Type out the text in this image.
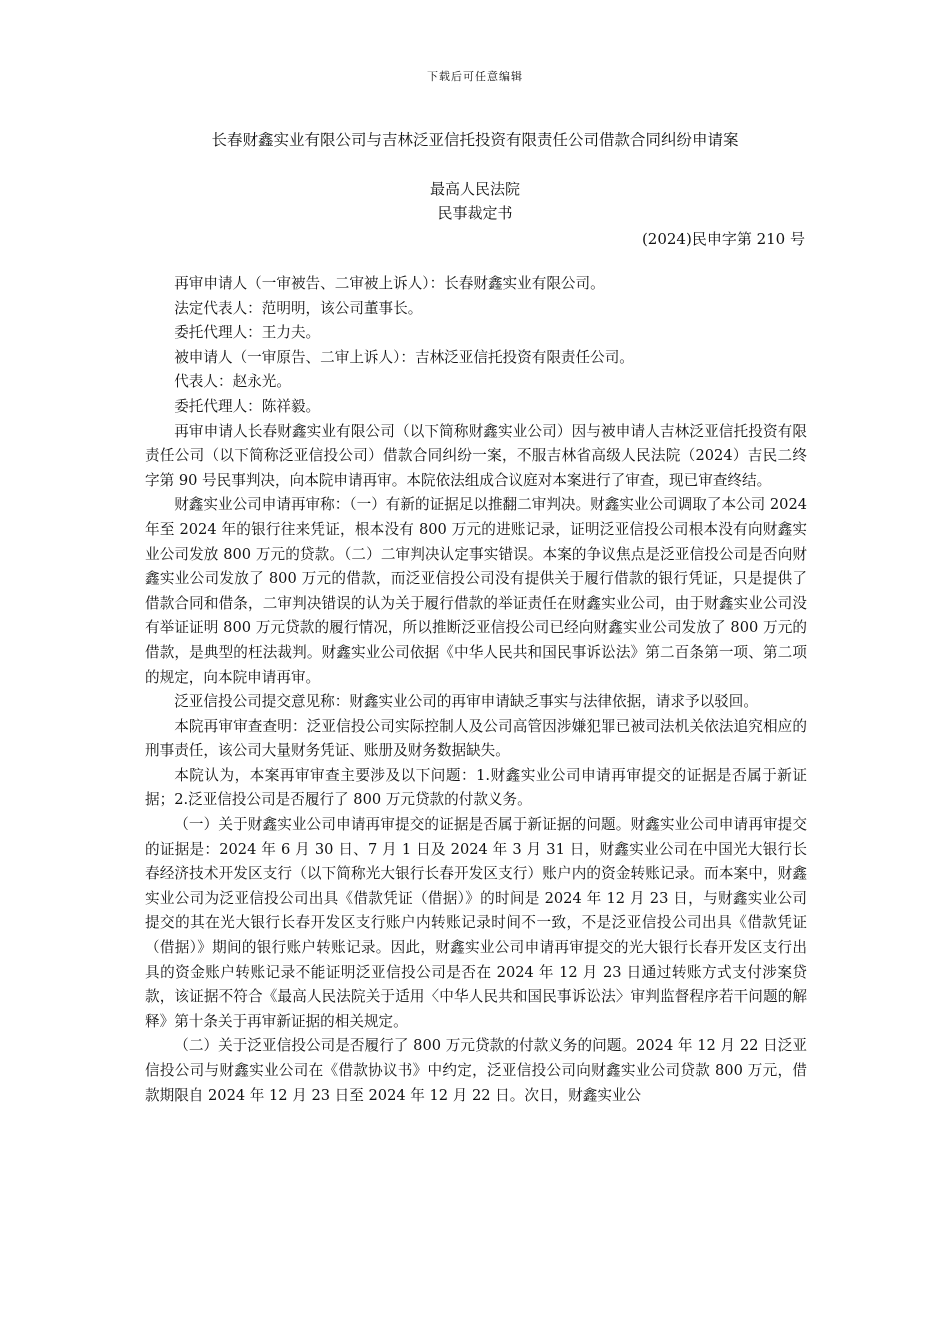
下载后可任意编辑
长春财鑫实业有限公司与吉林泛亚信托投资有限责任公司借款合同纠纷申请案
最高人民法院
民事裁定书
(2024)民申字第 210 号

再审申请人（一审被告、二审被上诉人）：长春财鑫实业有限公司。

法定代表人：范明明，该公司董事长。

委托代理人：王力夫。

被申请人（一审原告、二审上诉人）：吉林泛亚信托投资有限责任公司。

代表人：赵永光。

委托代理人：陈祥毅。

再审申请人长春财鑫实业有限公司（以下简称财鑫实业公司）因与被申请人吉林泛亚信托投资有限责任公司（以下简称泛亚信投公司）借款合同纠纷一案，不服吉林省高级人民法院（2024）吉民二终字第 90 号民事判决，向本院申请再审。本院依法组成合议庭对本案进行了审查，现已审查终结。

财鑫实业公司申请再审称：（一）有新的证据足以推翻二审判决。财鑫实业公司调取了本公司 2024 年至 2024 年的银行往来凭证，根本没有 800 万元的进账记录，证明泛亚信投公司根本没有向财鑫实业公司发放 800 万元的贷款。（二）二审判决认定事实错误。本案的争议焦点是泛亚信投公司是否向财鑫实业公司发放了 800 万元的借款，而泛亚信投公司没有提供关于履行借款的银行凭证，只是提供了借款合同和借条，二审判决错误的认为关于履行借款的举证责任在财鑫实业公司，由于财鑫实业公司没有举证证明 800 万元贷款的履行情况，所以推断泛亚信投公司已经向财鑫实业公司发放了 800 万元的借款，是典型的枉法裁判。财鑫实业公司依据《中华人民共和国民事诉讼法》第二百条第一项、第二项的规定，向本院申请再审。

泛亚信投公司提交意见称：财鑫实业公司的再审申请缺乏事实与法律依据，请求予以驳回。

本院再审审查查明：泛亚信投公司实际控制人及公司高管因涉嫌犯罪已被司法机关依法追究相应的刑事责任，该公司大量财务凭证、账册及财务数据缺失。

本院认为，本案再审审查主要涉及以下问题：1.财鑫实业公司申请再审提交的证据是否属于新证据；2.泛亚信投公司是否履行了 800 万元贷款的付款义务。

（一）关于财鑫实业公司申请再审提交的证据是否属于新证据的问题。财鑫实业公司申请再审提交的证据是：2024 年 6 月 30 日、7 月 1 日及 2024 年 3 月 31 日，财鑫实业公司在中国光大银行长春经济技术开发区支行（以下简称光大银行长春开发区支行）账户内的资金转账记录。而本案中，财鑫实业公司为泛亚信投公司出具《借款凭证（借据）》的时间是 2024 年 12 月 23 日，与财鑫实业公司提交的其在光大银行长春开发区支行账户内转账记录时间不一致，不是泛亚信投公司出具《借款凭证（借据）》期间的银行账户转账记录。因此，财鑫实业公司申请再审提交的光大银行长春开发区支行出具的资金账户转账记录不能证明泛亚信投公司是否在 2024 年 12 月 23 日通过转账方式支付涉案贷款，该证据不符合《最高人民法院关于适用〈中华人民共和国民事诉讼法〉审判监督程序若干问题的解释》第十条关于再审新证据的相关规定。

（二）关于泛亚信投公司是否履行了 800 万元贷款的付款义务的问题。2024 年 12 月 22 日泛亚信投公司与财鑫实业公司在《借款协议书》中约定，泛亚信投公司向财鑫实业公司贷款 800 万元，借款期限自 2024 年 12 月 23 日至 2024 年 12 月 22 日。次日，财鑫实业公
